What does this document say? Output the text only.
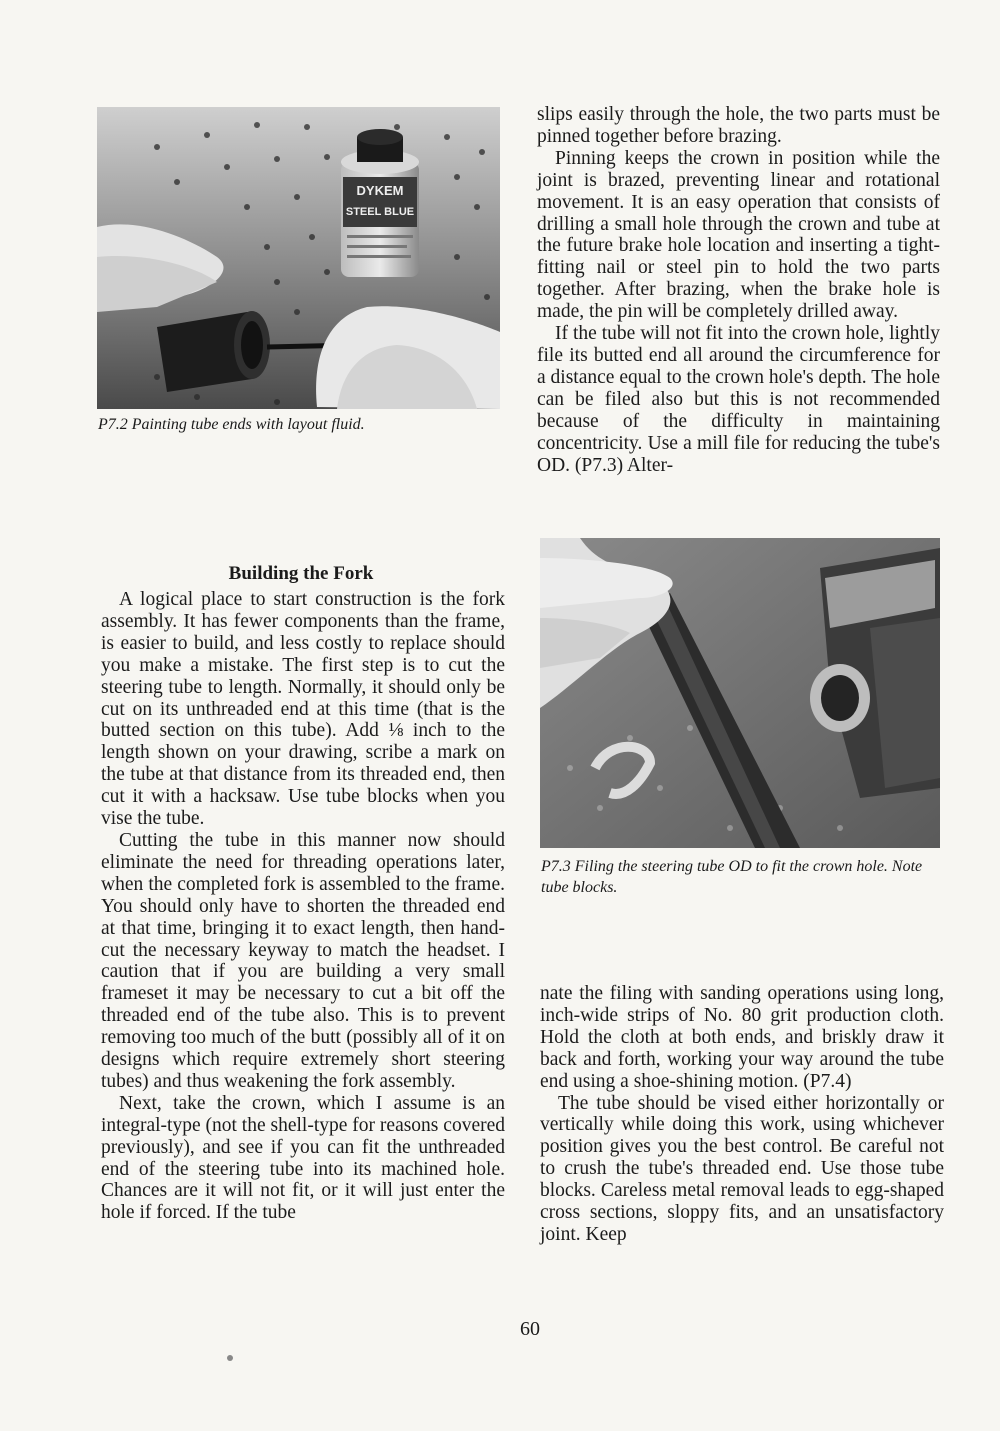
DYKEM
STEEL BLUE

P7.2 Painting tube ends with layout fluid.

slips easily through the hole, the two parts must be pinned together before brazing.

Pinning keeps the crown in position while the joint is brazed, preventing linear and rotational movement. It is an easy operation that consists of drilling a small hole through the crown and tube at the future brake hole location and inserting a tight-fitting nail or steel pin to hold the two parts together. After brazing, when the brake hole is made, the pin will be completely drilled away.

If the tube will not fit into the crown hole, lightly file its butted end all around the circumference for a distance equal to the crown hole's depth. The hole can be filed also but this is not recommended because of the difficulty in maintaining concentricity. Use a mill file for reducing the tube's OD. (P7.3) Alter-

Building the Fork

A logical place to start construction is the fork assembly. It has fewer components than the frame, is easier to build, and less costly to replace should you make a mistake. The first step is to cut the steering tube to length. Normally, it should only be cut on its unthreaded end at this time (that is the butted section on this tube). Add ⅛ inch to the length shown on your drawing, scribe a mark on the tube at that distance from its threaded end, then cut it with a hacksaw. Use tube blocks when you vise the tube.

Cutting the tube in this manner now should eliminate the need for threading operations later, when the completed fork is assembled to the frame. You should only have to shorten the threaded end at that time, bringing it to exact length, then hand-cut the necessary keyway to match the headset. I caution that if you are building a very small frameset it may be necessary to cut a bit off the threaded end of the tube also. This is to prevent removing too much of the butt (possibly all of it on designs which require extremely short steering tubes) and thus weakening the fork assembly.

Next, take the crown, which I assume is an integral-type (not the shell-type for reasons covered previously), and see if you can fit the unthreaded end of the steering tube into its machined hole. Chances are it will not fit, or it will just enter the hole if forced. If the tube

P7.3 Filing the steering tube OD to fit the crown hole. Note tube blocks.

nate the filing with sanding operations using long, inch-wide strips of No. 80 grit production cloth. Hold the cloth at both ends, and briskly draw it back and forth, working your way around the tube end using a shoe-shining motion. (P7.4)

The tube should be vised either horizontally or vertically while doing this work, using whichever position gives you the best control. Be careful not to crush the tube's threaded end. Use those tube blocks. Careless metal removal leads to egg-shaped cross sections, sloppy fits, and an unsatisfactory joint. Keep

60
